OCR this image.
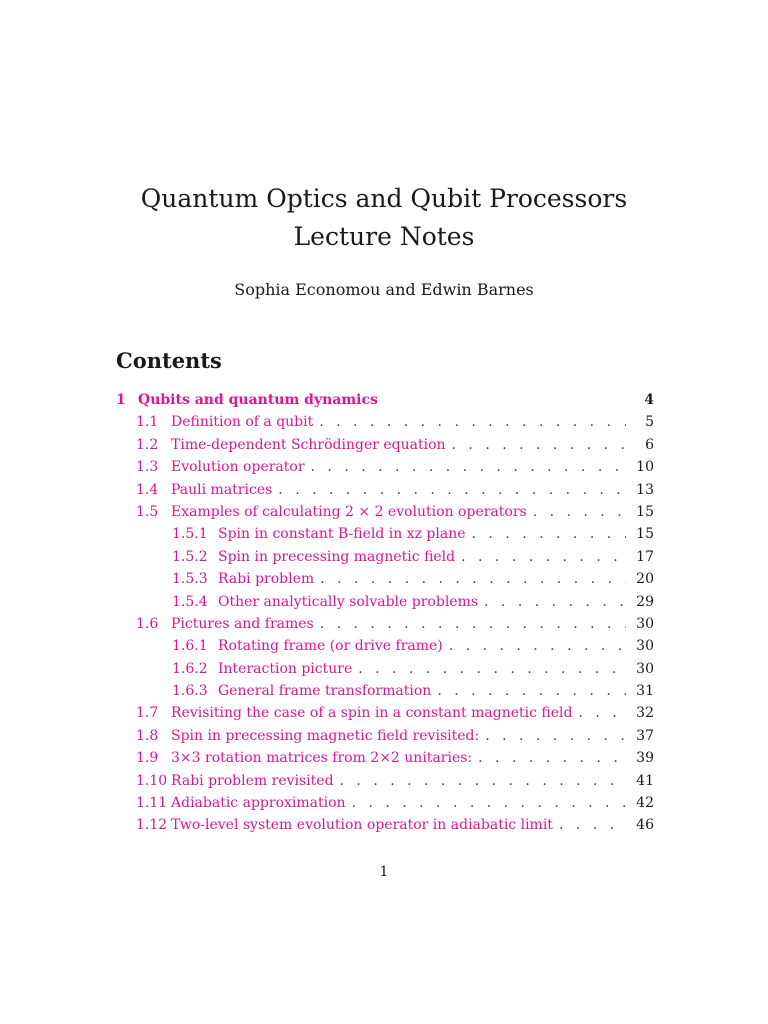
Quantum Optics and Qubit Processors
Lecture Notes
Sophia Economou and Edwin Barnes
Contents
1 Qubits and quantum dynamics	4
1.1 Definition of a qubit . . .	5
1.2 Time-dependent Schrödinger equation . . .	6
1.3 Evolution operator . . .	10
1.4 Pauli matrices . . .	13
1.5 Examples of calculating 2 × 2 evolution operators . . .	15
1.5.1 Spin in constant B-field in xz plane . . .	15
1.5.2 Spin in precessing magnetic field . . .	17
1.5.3 Rabi problem . . .	20
1.5.4 Other analytically solvable problems . . .	29
1.6 Pictures and frames . . .	30
1.6.1 Rotating frame (or drive frame) . . .	30
1.6.2 Interaction picture . . .	30
1.6.3 General frame transformation . . .	31
1.7 Revisiting the case of a spin in a constant magnetic field . . .	32
1.8 Spin in precessing magnetic field revisited: . . .	37
1.9 3×3 rotation matrices from 2×2 unitaries: . . .	39
1.10 Rabi problem revisited . . .	41
1.11 Adiabatic approximation . . .	42
1.12 Two-level system evolution operator in adiabatic limit . . .	46
1
